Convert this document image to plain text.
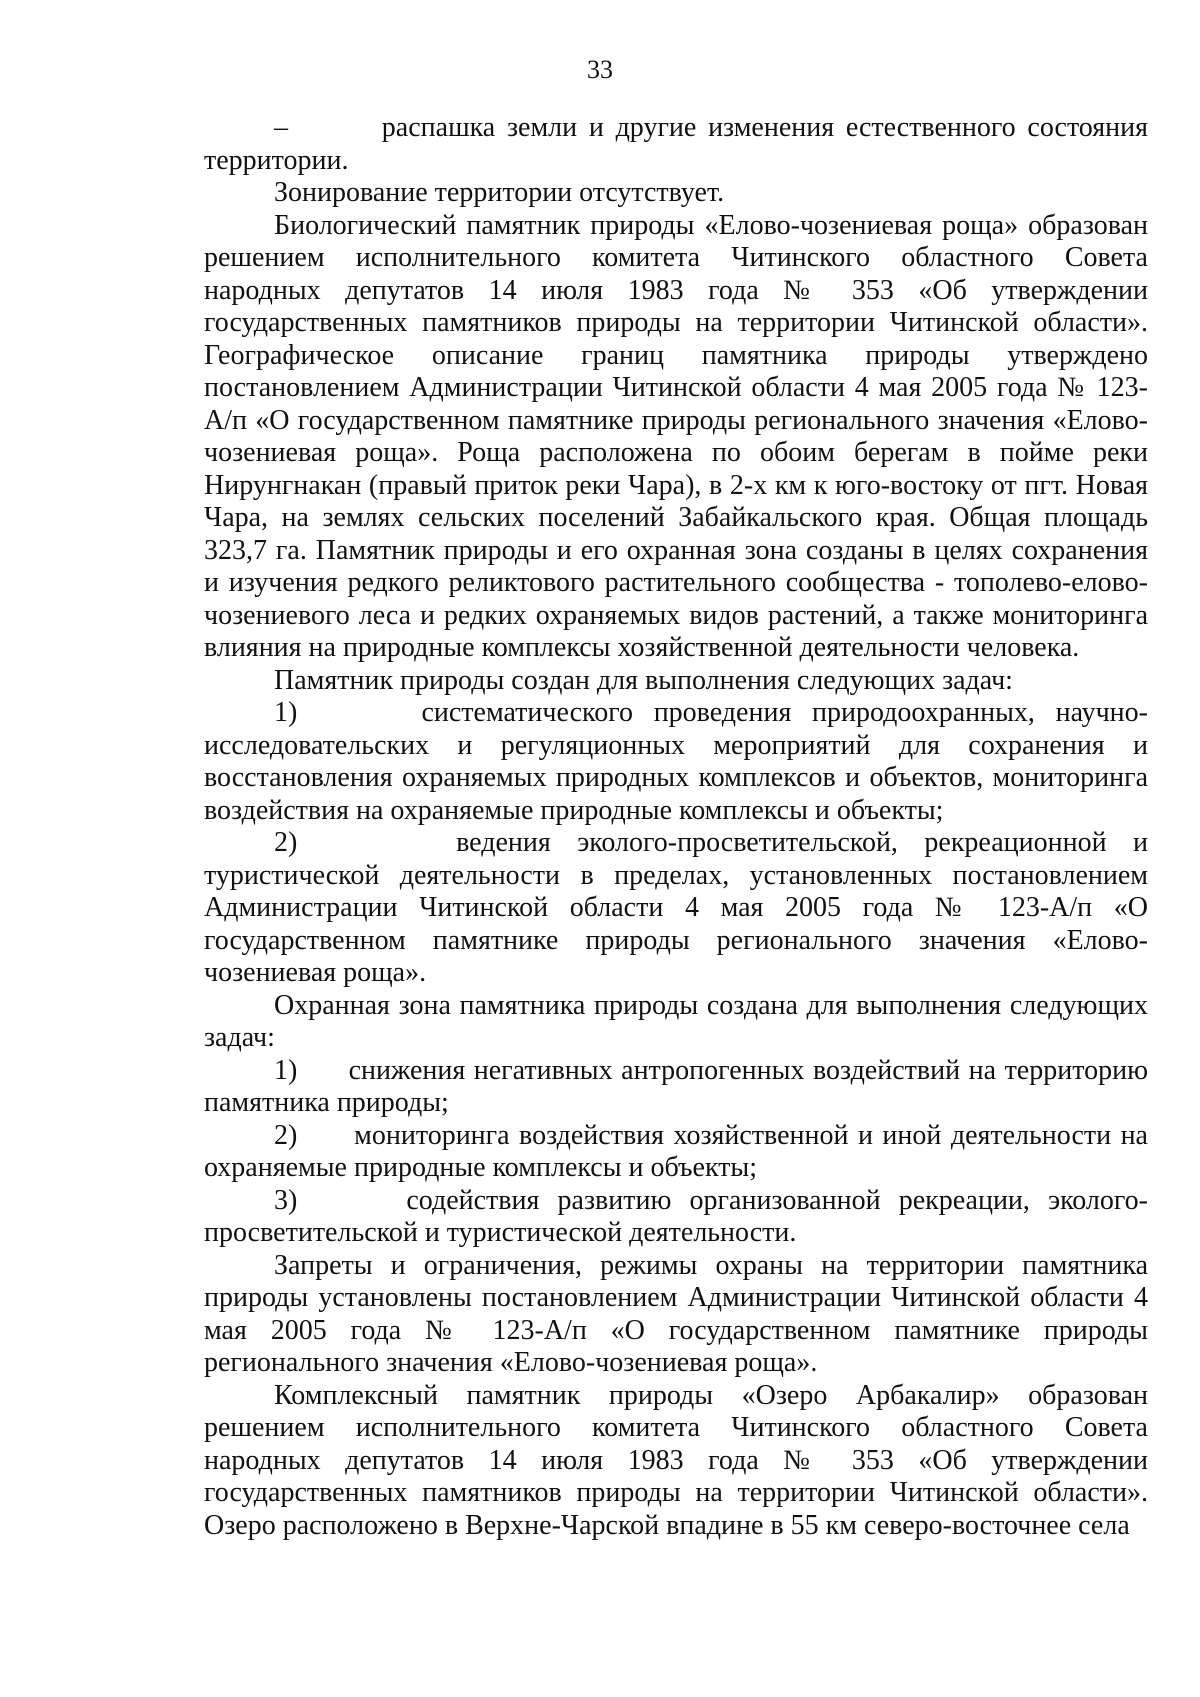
33

–        распашка земли и другие изменения естественного состояния территории.

Зонирование территории отсутствует.

Биологический памятник природы «Елово-чозениевая роща» образован решением исполнительного комитета Читинского областного Совета народных депутатов 14 июля 1983 года № 353 «Об утверждении государственных памятников природы на территории Читинской области». Географическое описание границ памятника природы утверждено постановлением Администрации Читинской области 4 мая 2005 года № 123-А/п «О государственном памятнике природы регионального значения «Елово-чозениевая роща». Роща расположена по обоим берегам в пойме реки Нирунгнакан (правый приток реки Чара), в 2-х км к юго-востоку от пгт. Новая Чара, на землях сельских поселений Забайкальского края. Общая площадь 323,7 га. Памятник природы и его охранная зона созданы в целях сохранения и изучения редкого реликтового растительного сообщества - тополево-елово-чозениевого леса и редких охраняемых видов растений, а также мониторинга влияния на природные комплексы хозяйственной деятельности человека.

Памятник природы создан для выполнения следующих задач:

1)      систематического проведения природоохранных, научно-исследовательских и регуляционных мероприятий для сохранения и восстановления охраняемых природных комплексов и объектов, мониторинга воздействия на охраняемые природные комплексы и объекты;

2)      ведения эколого-просветительской, рекреационной и туристической деятельности в пределах, установленных постановлением Администрации Читинской области 4 мая 2005 года № 123-А/п «О государственном памятнике природы регионального значения «Елово-чозениевая роща».

Охранная зона памятника природы создана для выполнения следующих задач:

1)      снижения негативных антропогенных воздействий на территорию памятника природы;

2)      мониторинга воздействия хозяйственной и иной деятельности на охраняемые природные комплексы и объекты;

3)      содействия развитию организованной рекреации, эколого-просветительской и туристической деятельности.

Запреты и ограничения, режимы охраны на территории памятника природы установлены постановлением Администрации Читинской области 4 мая 2005 года № 123-А/п «О государственном памятнике природы регионального значения «Елово-чозениевая роща».

Комплексный памятник природы «Озеро Арбакалир» образован решением исполнительного комитета Читинского областного Совета народных депутатов 14 июля 1983 года № 353 «Об утверждении государственных памятников природы на территории Читинской области». Озеро расположено в Верхне-Чарской впадине в 55 км северо-восточнее села
